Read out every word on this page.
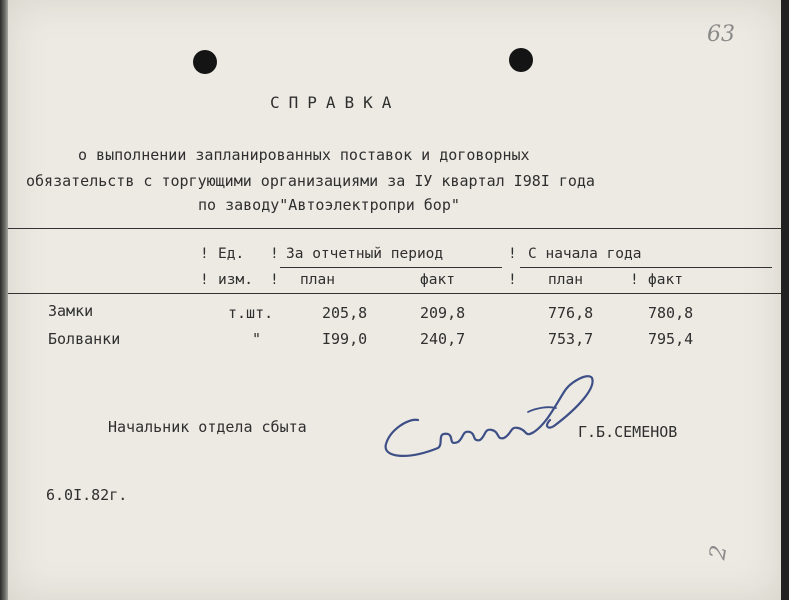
63
СПРАВКА
о выполнении запланированных поставок и договорных
обязательств с торгующими организациями за IУ квартал I98I года
по заводу"Автоэлектропри бор"
! Ед. ! За отчетный период	! С начала года
! изм. ! план	факт	! план	! факт
Замки	т.шт.	205,8	209,8	776,8	780,8
Болванки	"	I99,0	240,7	753,7	795,4
Начальник отдела сбыта	Г.Б.СЕМЕНОВ
6.0I.82г.
2
